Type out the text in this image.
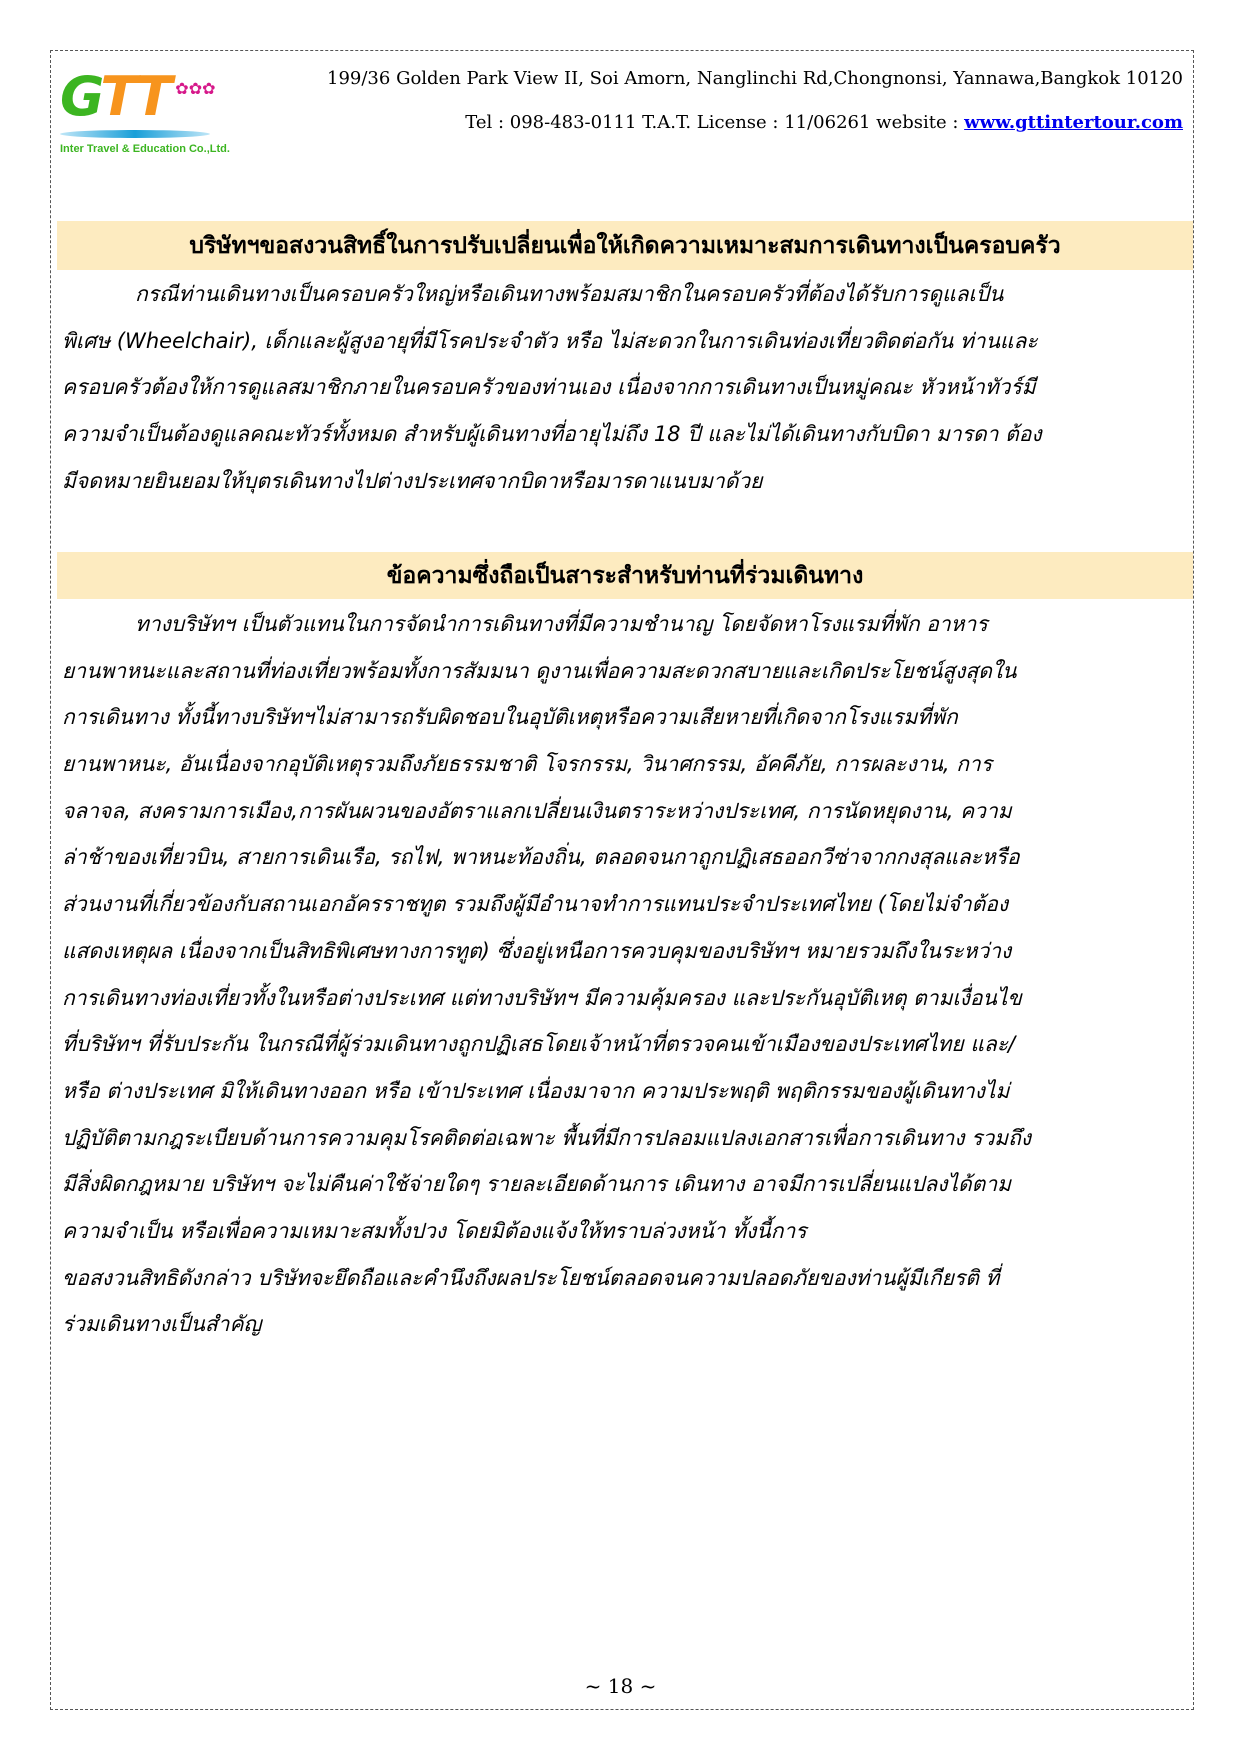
GTT ✿✿✿
Inter Travel & Education Co.,Ltd.
199/36 Golden Park View II, Soi Amorn, Nanglinchi Rd,Chongnonsi, Yannawa,Bangkok 10120
Tel : 098-483-0111 T.A.T. License : 11/06261 website : www.gttintertour.com
บริษัทฯขอสงวนสิทธิ์ในการปรับเปลี่ยนเพื่อให้เกิดความเหมาะสมการเดินทางเป็นครอบครัว
กรณีท่านเดินทางเป็นครอบครัวใหญ่หรือเดินทางพร้อมสมาชิกในครอบครัวที่ต้องได้รับการดูแลเป็น
พิเศษ (Wheelchair), เด็กและผู้สูงอายุที่มีโรคประจำตัว หรือ ไม่สะดวกในการเดินท่องเที่ยวติดต่อกัน ท่านและ
ครอบครัวต้องให้การดูแลสมาชิกภายในครอบครัวของท่านเอง เนื่องจากการเดินทางเป็นหมู่คณะ หัวหน้าทัวร์มี
ความจำเป็นต้องดูแลคณะทัวร์ทั้งหมด สำหรับผู้เดินทางที่อายุไม่ถึง 18 ปี และไม่ได้เดินทางกับบิดา มารดา ต้อง
มีจดหมายยินยอมให้บุตรเดินทางไปต่างประเทศจากบิดาหรือมารดาแนบมาด้วย
ข้อความซึ่งถือเป็นสาระสำหรับท่านที่ร่วมเดินทาง
ทางบริษัทฯ เป็นตัวแทนในการจัดนำการเดินทางที่มีความชำนาญ โดยจัดหาโรงแรมที่พัก อาหาร
ยานพาหนะและสถานที่ท่องเที่ยวพร้อมทั้งการสัมมนา ดูงานเพื่อความสะดวกสบายและเกิดประโยชน์สูงสุดใน
การเดินทาง ทั้งนี้ทางบริษัทฯไม่สามารถรับผิดชอบในอุบัติเหตุหรือความเสียหายที่เกิดจากโรงแรมที่พัก
ยานพาหนะ, อันเนื่องจากอุบัติเหตุรวมถึงภัยธรรมชาติ โจรกรรม, วินาศกรรม, อัคคีภัย, การผละงาน, การ
จลาจล, สงครามการเมือง,การผันผวนของอัตราแลกเปลี่ยนเงินตราระหว่างประเทศ, การนัดหยุดงาน, ความ
ล่าช้าของเที่ยวบิน, สายการเดินเรือ, รถไฟ, พาหนะท้องถิ่น, ตลอดจนกาถูกปฏิเสธออกวีซ่าจากกงสุลและหรือ
ส่วนงานที่เกี่ยวข้องกับสถานเอกอัครราชทูต รวมถึงผู้มีอำนาจทำการแทนประจำประเทศไทย (โดยไม่จำต้อง
แสดงเหตุผล เนื่องจากเป็นสิทธิพิเศษทางการทูต) ซึ่งอยู่เหนือการควบคุมของบริษัทฯ หมายรวมถึงในระหว่าง
การเดินทางท่องเที่ยวทั้งในหรือต่างประเทศ แต่ทางบริษัทฯ มีความคุ้มครอง และประกันอุบัติเหตุ ตามเงื่อนไข
ที่บริษัทฯ ที่รับประกัน ในกรณีที่ผู้ร่วมเดินทางถูกปฏิเสธโดยเจ้าหน้าที่ตรวจคนเข้าเมืองของประเทศไทย และ/
หรือ ต่างประเทศ มิให้เดินทางออก หรือ เข้าประเทศ เนื่องมาจาก ความประพฤติ พฤติกรรมของผู้เดินทางไม่
ปฏิบัติตามกฎระเบียบด้านการความคุมโรคติดต่อเฉพาะ พื้นที่มีการปลอมแปลงเอกสารเพื่อการเดินทาง รวมถึง
มีสิ่งผิดกฎหมาย บริษัทฯ จะไม่คืนค่าใช้จ่ายใดๆ รายละเอียดด้านการ เดินทาง อาจมีการเปลี่ยนแปลงได้ตาม
ความจำเป็น หรือเพื่อความเหมาะสมทั้งปวง โดยมิต้องแจ้งให้ทราบล่วงหน้า ทั้งนี้การ
ขอสงวนสิทธิดังกล่าว บริษัทจะยึดถือและคำนึงถึงผลประโยชน์ตลอดจนความปลอดภัยของท่านผู้มีเกียรติ ที่
ร่วมเดินทางเป็นสำคัญ
~ 18 ~
